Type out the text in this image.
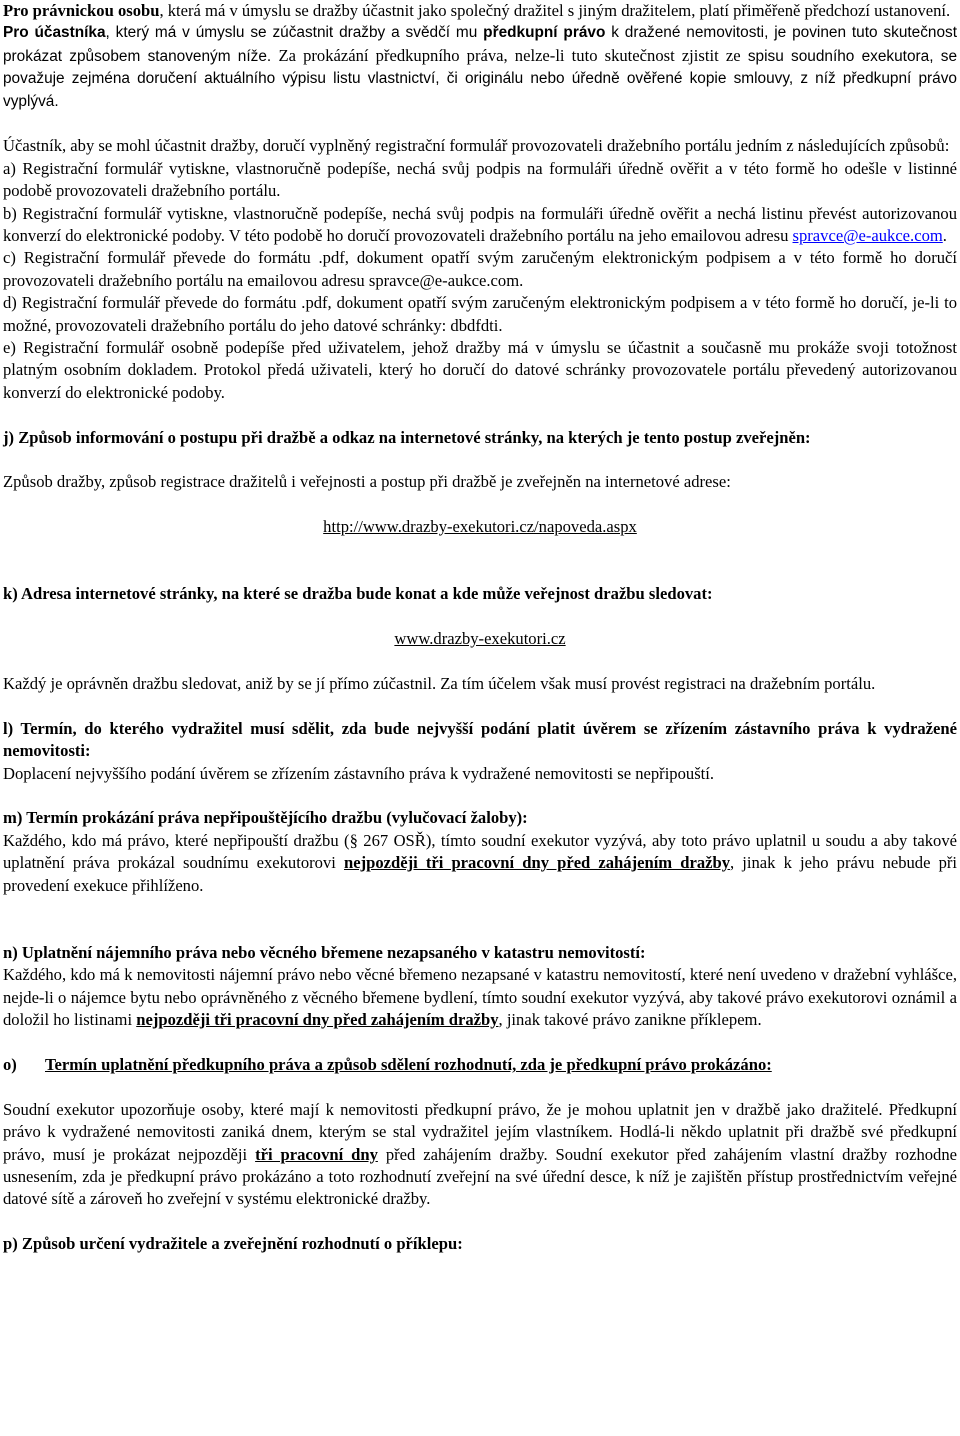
Pro právnickou osobu, která má v úmyslu se dražby účastnit jako společný dražitel s jiným dražitelem, platí přiměřeně předchozí ustanovení.

Pro účastníka, který má v úmyslu se zúčastnit dražby a svědčí mu předkupní právo k dražené nemovitosti, je povinen tuto skutečnost prokázat způsobem stanoveným níže. Za prokázání předkupního práva, nelze-li tuto skutečnost zjistit ze spisu soudního exekutora, se považuje zejména doručení aktuálního výpisu listu vlastnictví, či originálu nebo úředně ověřené kopie smlouvy, z níž předkupní právo vyplývá.

Účastník, aby se mohl účastnit dražby, doručí vyplněný registrační formulář provozovateli dražebního portálu jedním z následujících způsobů:

a) Registrační formulář vytiskne, vlastnoručně podepíše, nechá svůj podpis na formuláři úředně ověřit a v této formě ho odešle v listinné podobě provozovateli dražebního portálu.

b) Registrační formulář vytiskne, vlastnoručně podepíše, nechá svůj podpis na formuláři úředně ověřit a nechá listinu převést autorizovanou konverzí do elektronické podoby. V této podobě ho doručí provozovateli dražebního portálu na jeho emailovou adresu spravce@e-aukce.com.

c) Registrační formulář převede do formátu .pdf, dokument opatří svým zaručeným elektronickým podpisem a v této formě ho doručí provozovateli dražebního portálu na emailovou adresu spravce@e-aukce.com.

d) Registrační formulář převede do formátu .pdf, dokument opatří svým zaručeným elektronickým podpisem a v této formě ho doručí, je-li to možné, provozovateli dražebního portálu do jeho datové schránky: dbdfdti.

e) Registrační formulář osobně podepíše před uživatelem, jehož dražby má v úmyslu se účastnit a současně mu prokáže svoji totožnost platným osobním dokladem. Protokol předá uživateli, který ho doručí do datové schránky provozovatele portálu převedený autorizovanou konverzí do elektronické podoby.

j) Způsob informování o postupu při dražbě a odkaz na internetové stránky, na kterých je tento postup zveřejněn:

Způsob dražby, způsob registrace dražitelů i veřejnosti a postup při dražbě je zveřejněn na internetové adrese:

http://www.drazby-exekutori.cz/napoveda.aspx

k) Adresa internetové stránky, na které se dražba bude konat a kde může veřejnost dražbu sledovat:

www.drazby-exekutori.cz

Každý je oprávněn dražbu sledovat, aniž by se jí přímo zúčastnil. Za tím účelem však musí provést registraci na dražebním portálu.

l) Termín, do kterého vydražitel musí sdělit, zda bude nejvyšší podání platit úvěrem se zřízením zástavního práva k vydražené nemovitosti:

Doplacení nejvyššího podání úvěrem se zřízením zástavního práva k vydražené nemovitosti se nepřipouští.

m) Termín prokázání práva nepřipouštějícího dražbu (vylučovací žaloby):

Každého, kdo má právo, které nepřipouští dražbu (§ 267 OSŘ), tímto soudní exekutor vyzývá, aby toto právo uplatnil u soudu a aby takové uplatnění práva prokázal soudnímu exekutorovi nejpozději tři pracovní dny před zahájením dražby, jinak k jeho právu nebude při provedení exekuce přihlíženo.

n) Uplatnění nájemního práva nebo věcného břemene nezapsaného v katastru nemovitostí:

Každého, kdo má k nemovitosti nájemní právo nebo věcné břemeno nezapsané v katastru nemovitostí, které není uvedeno v dražební vyhlášce, nejde-li o nájemce bytu nebo oprávněného z věcného břemene bydlení, tímto soudní exekutor vyzývá, aby takové právo exekutorovi oznámil a doložil ho listinami nejpozději tři pracovní dny před zahájením dražby, jinak takové právo zanikne příklepem.

o) Termín uplatnění předkupního práva a způsob sdělení rozhodnutí, zda je předkupní právo prokázáno:

Soudní exekutor upozorňuje osoby, které mají k nemovitosti předkupní právo, že je mohou uplatnit jen v dražbě jako dražitelé. Předkupní právo k vydražené nemovitosti zaniká dnem, kterým se stal vydražitel jejím vlastníkem. Hodlá-li někdo uplatnit při dražbě své předkupní právo, musí je prokázat nejpozději tři pracovní dny před zahájením dražby. Soudní exekutor před zahájením vlastní dražby rozhodne usnesením, zda je předkupní právo prokázáno a toto rozhodnutí zveřejní na své úřední desce, k níž je zajištěn přístup prostřednictvím veřejné datové sítě a zároveň ho zveřejní v systému elektronické dražby.

p) Způsob určení vydražitele a zveřejnění rozhodnutí o příklepu:
